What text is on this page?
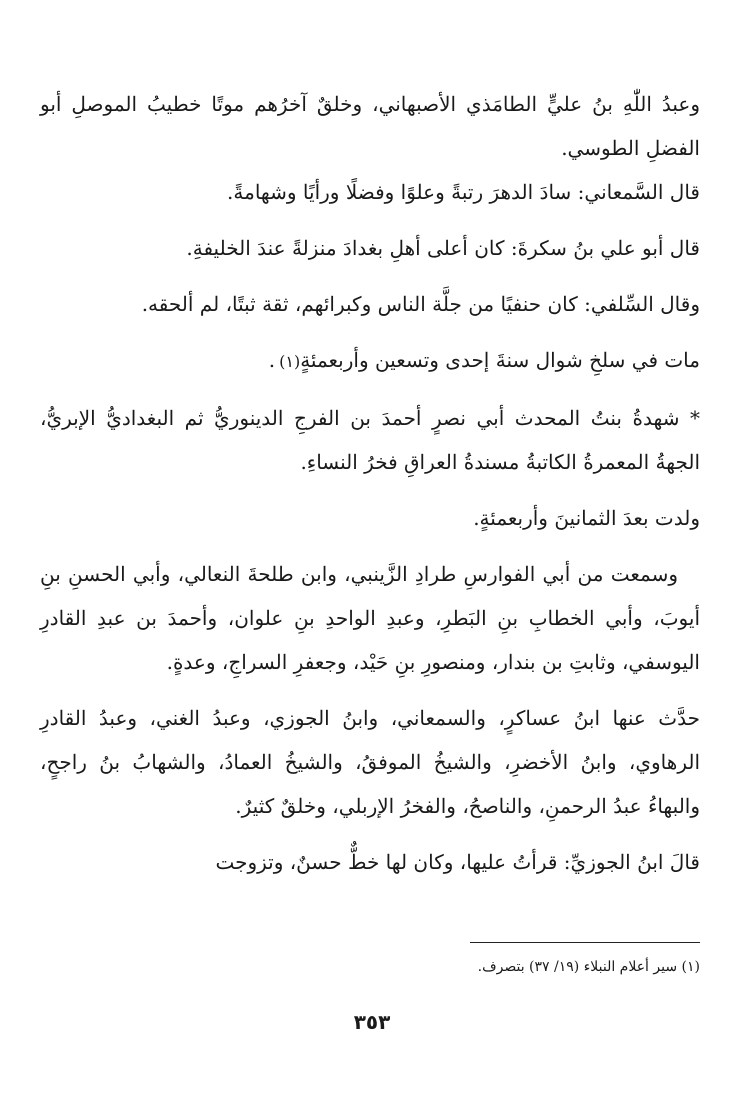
وعبدُ اللّٰهِ بنُ عليٍّ الطامَذي الأصبهاني، وخلقٌ آخرُهم موتًا خطيبُ الموصلِ أبو الفضلِ الطوسي.

قال السَّمعاني: سادَ الدهرَ رتبةً وعلوًا وفضلًا ورأيًا وشهامةً.

قال أبو علي بنُ سكرةَ: كان أعلى أهلِ بغدادَ منزلةً عندَ الخليفةِ.

وقال السِّلفي: كان حنفيًا من جلَّة الناس وكبرائهم، ثقة ثبتًا، لم ألحقه.

مات في سلخِ شوال سنةَ إحدى وتسعين وأربعمئةٍ(١).

* شهدةُ بنتُ المحدث أبي نصرٍ أحمدَ بن الفرجِ الدينوريُّ ثم البغداديُّ الإبريُّ، الجهةُ المعمرةُ الكاتبةُ مسندةُ العراقِ فخرُ النساءِ.

ولدت بعدَ الثمانينَ وأربعمئةٍ.

وسمعت من أبي الفوارسِ طرادِ الزَّينبي، وابن طلحةَ النعالي، وأبي الحسنِ بنِ أيوبَ، وأبي الخطابِ بنِ البَطرِ، وعبدِ الواحدِ بنِ علوان، وأحمدَ بن عبدِ القادرِ اليوسفي، وثابتِ بن بندار، ومنصورِ بنِ حَيْد، وجعفرِ السراجِ، وعدةٍ.

حدَّث عنها ابنُ عساكرٍ، والسمعاني، وابنُ الجوزي، وعبدُ الغني، وعبدُ القادرِ الرهاوي، وابنُ الأخضرِ، والشيخُ الموفقُ، والشيخُ العمادُ، والشهابُ بنُ راجحٍ، والبهاءُ عبدُ الرحمنِ، والناصحُ، والفخرُ الإربلي، وخلقٌ كثيرٌ.

قالَ ابنُ الجوزيِّ: قرأتُ عليها، وكان لها خطٌّ حسنٌ، وتزوجت

(١) سير أعلام النبلاء (١٩/ ٣٧) بتصرف.
٣٥٣
